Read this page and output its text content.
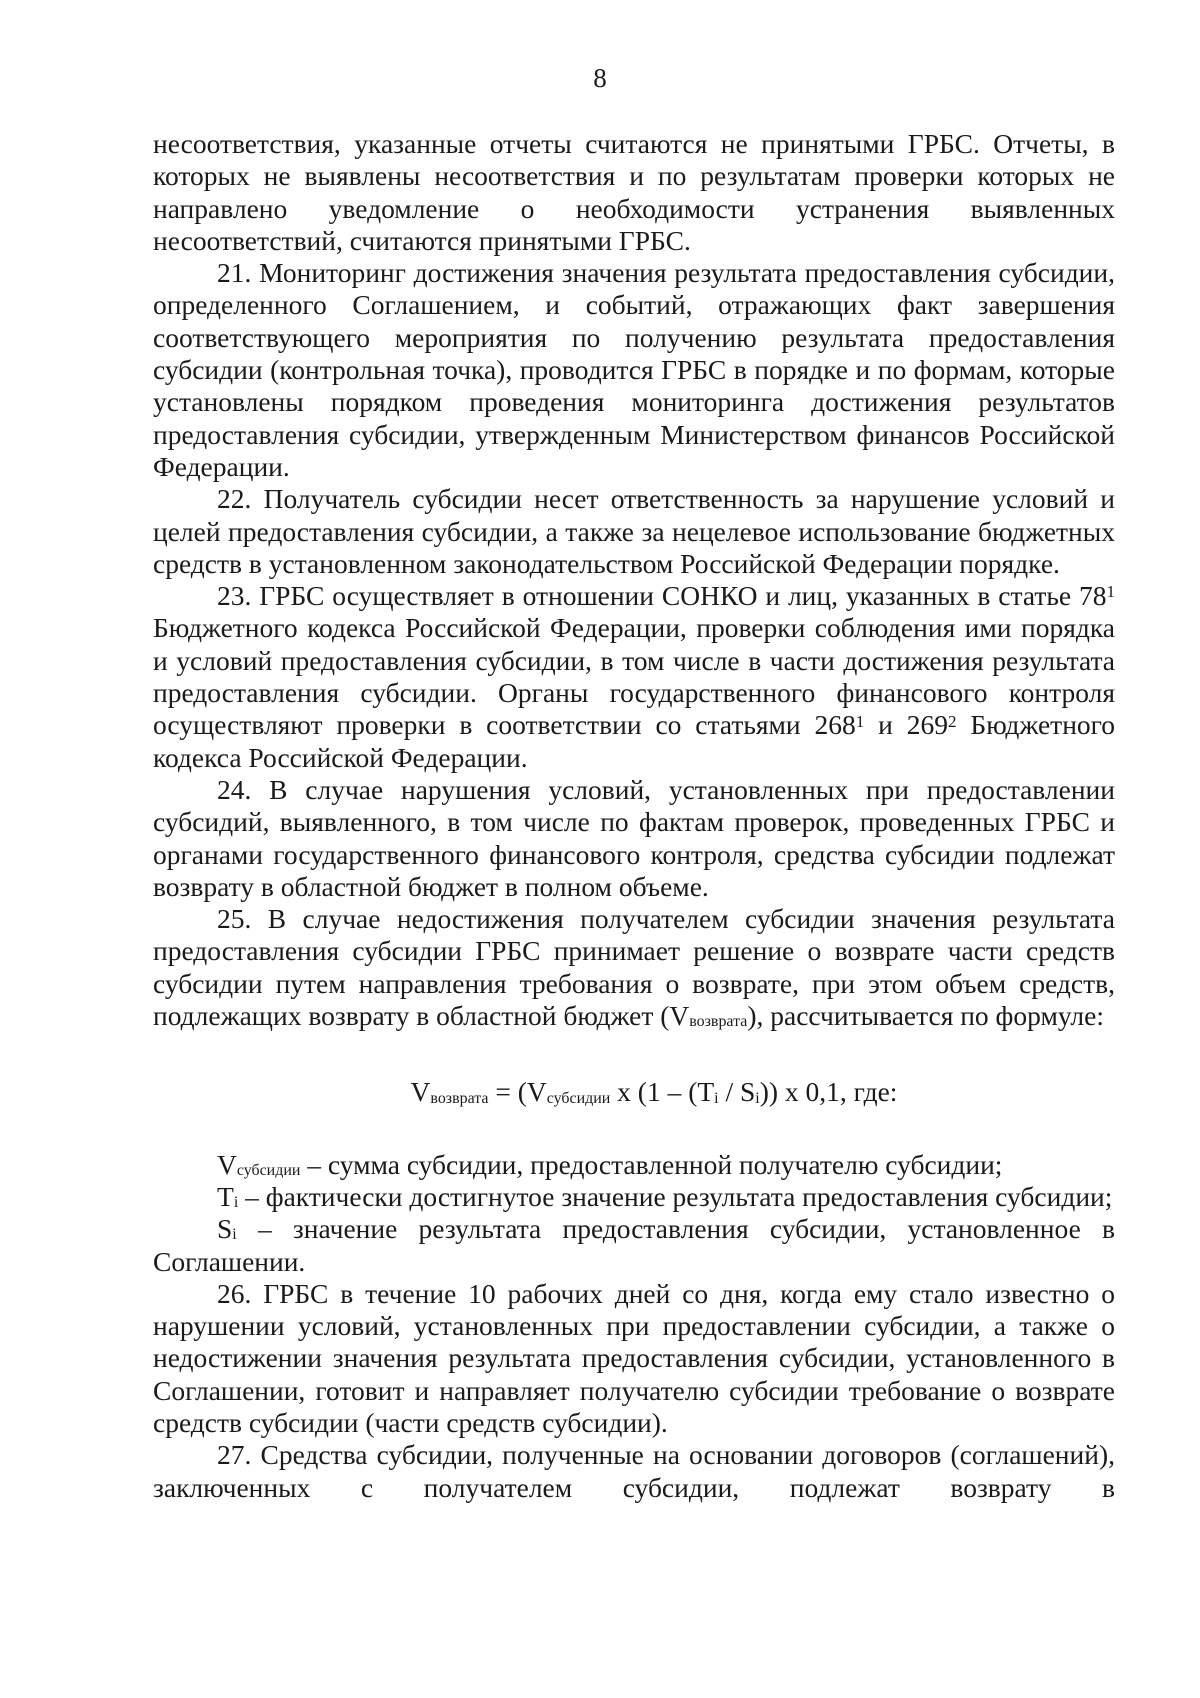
8

несоответствия, указанные отчеты считаются не принятыми ГРБС. Отчеты, в которых не выявлены несоответствия и по результатам проверки которых не направлено уведомление о необходимости устранения выявленных несоответствий, считаются принятыми ГРБС.

21. Мониторинг достижения значения результата предоставления субсидии, определенного Соглашением, и событий, отражающих факт завершения соответствующего мероприятия по получению результата предоставления субсидии (контрольная точка), проводится ГРБС в порядке и по формам, которые установлены порядком проведения мониторинга достижения результатов предоставления субсидии, утвержденным Министерством финансов Российской Федерации.

22. Получатель субсидии несет ответственность за нарушение условий и целей предоставления субсидии, а также за нецелевое использование бюджетных средств в установленном законодательством Российской Федерации порядке.

23. ГРБС осуществляет в отношении СОНКО и лиц, указанных в статье $78^1$ Бюджетного кодекса Российской Федерации, проверки соблюдения ими порядка и условий предоставления субсидии, в том числе в части достижения результата предоставления субсидии. Органы государственного финансового контроля осуществляют проверки в соответствии со статьями $268^1$ и $269^2$ Бюджетного кодекса Российской Федерации.

24. В случае нарушения условий, установленных при предоставлении субсидий, выявленного, в том числе по фактам проверок, проведенных ГРБС и органами государственного финансового контроля, средства субсидии подлежат возврату в областной бюджет в полном объеме.

25. В случае недостижения получателем субсидии значения результата предоставления субсидии ГРБС принимает решение о возврате части средств субсидии путем направления требования о возврате, при этом объем средств, подлежащих возврату в областной бюджет $(V_{возврата})$, рассчитывается по формуле:

$V_{возврата} = (V_{субсидии}$ x $(1 - (T_i / S_i))$ x 0,1, где:

$V_{субсидии}$ – сумма субсидии, предоставленной получателю субсидии;

$T_i$ – фактически достигнутое значение результата предоставления субсидии;

$S_i$ – значение результата предоставления субсидии, установленное в Соглашении.

26. ГРБС в течение 10 рабочих дней со дня, когда ему стало известно о нарушении условий, установленных при предоставлении субсидии, а также о недостижении значения результата предоставления субсидии, установленного в Соглашении, готовит и направляет получателю субсидии требование о возврате средств субсидии (части средств субсидии).

27. Средства субсидии, полученные на основании договоров (соглашений), заключенных с получателем субсидии, подлежат возврату в
